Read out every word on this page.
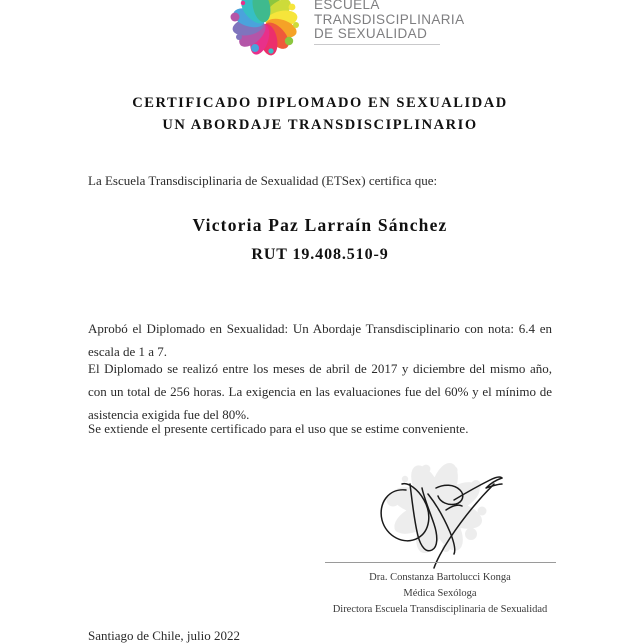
ESCUELA
TRANSDISCIPLINARIA
DE SEXUALIDAD
CERTIFICADO DIPLOMADO EN SEXUALIDAD
UN ABORDAJE TRANSDISCIPLINARIO
La Escuela Transdisciplinaria de Sexualidad (ETSex) certifica que:
Victoria Paz Larraín Sánchez
RUT 19.408.510-9
Aprobó el Diplomado en Sexualidad: Un Abordaje Transdisciplinario con nota: 6.4 en escala de 1 a 7.
El Diplomado se realizó entre los meses de abril de 2017 y diciembre del mismo año, con un total de 256 horas. La exigencia en las evaluaciones fue del 60% y el mínimo de asistencia exigida fue del 80%.
Se extiende el presente certificado para el uso que se estime conveniente.
Dra. Constanza Bartolucci Konga
Médica Sexóloga
Directora Escuela Transdisciplinaria de Sexualidad
Santiago de Chile, julio 2022
